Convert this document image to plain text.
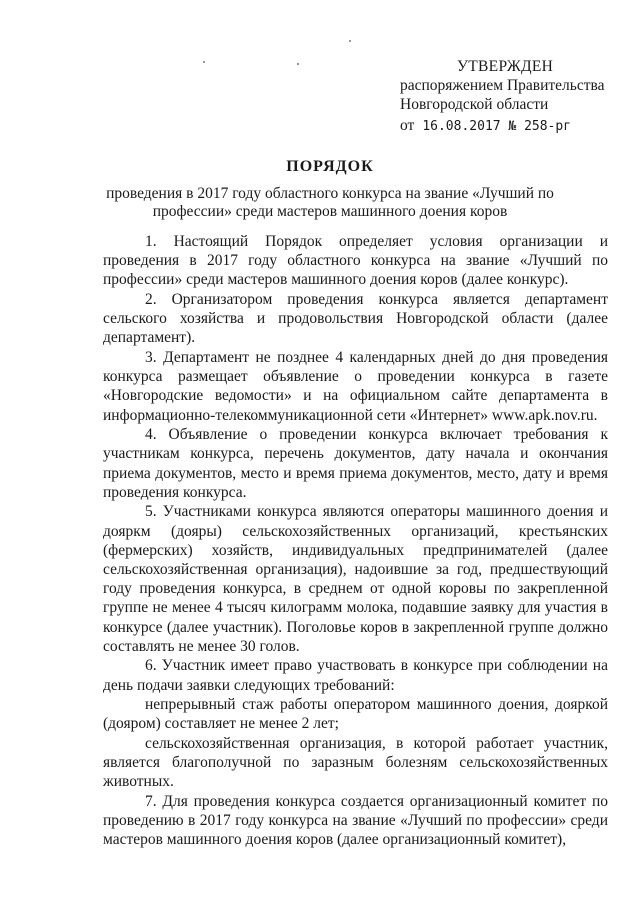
УТВЕРЖДЕН
распоряжением Правительства
Новгородской области
от 16.08.2017 № 258-рг
ПОРЯДОК
проведения в 2017 году областного конкурса на звание «Лучший по профессии» среди мастеров машинного доения коров

1. Настоящий Порядок определяет условия организации и проведения в 2017 году областного конкурса на звание «Лучший по профессии» среди мастеров машинного доения коров (далее конкурс).

2. Организатором проведения конкурса является департамент сельского хозяйства и продовольствия Новгородской области (далее департамент).

3. Департамент не позднее 4 календарных дней до дня проведения конкурса размещает объявление о проведении конкурса в газете «Новгородские ведомости» и на официальном сайте департамента в информационно-телекоммуникационной сети «Интернет» www.apk.nov.ru.

4. Объявление о проведении конкурса включает требования к участникам конкурса, перечень документов, дату начала и окончания приема документов, место и время приема документов, место, дату и время проведения конкурса.

5. Участниками конкурса являются операторы машинного доения и дояркм (дояры) сельскохозяйственных организаций, крестьянских (фермерских) хозяйств, индивидуальных предпринимателей (далее сельскохозяйственная организация), надоившие за год, предшествующий году проведения конкурса, в среднем от одной коровы по закрепленной группе не менее 4 тысяч килограмм молока, подавшие заявку для участия в конкурсе (далее участник). Поголовье коров в закрепленной группе должно составлять не менее 30 голов.

6. Участник имеет право участвовать в конкурсе при соблюдении на день подачи заявки следующих требований:

непрерывный стаж работы оператором машинного доения, дояркой (дояром) составляет не менее 2 лет;

сельскохозяйственная организация, в которой работает участник, является благополучной по заразным болезням сельскохозяйственных животных.

7. Для проведения конкурса создается организационный комитет по проведению в 2017 году конкурса на звание «Лучший по профессии» среди мастеров машинного доения коров (далее организационный комитет),
